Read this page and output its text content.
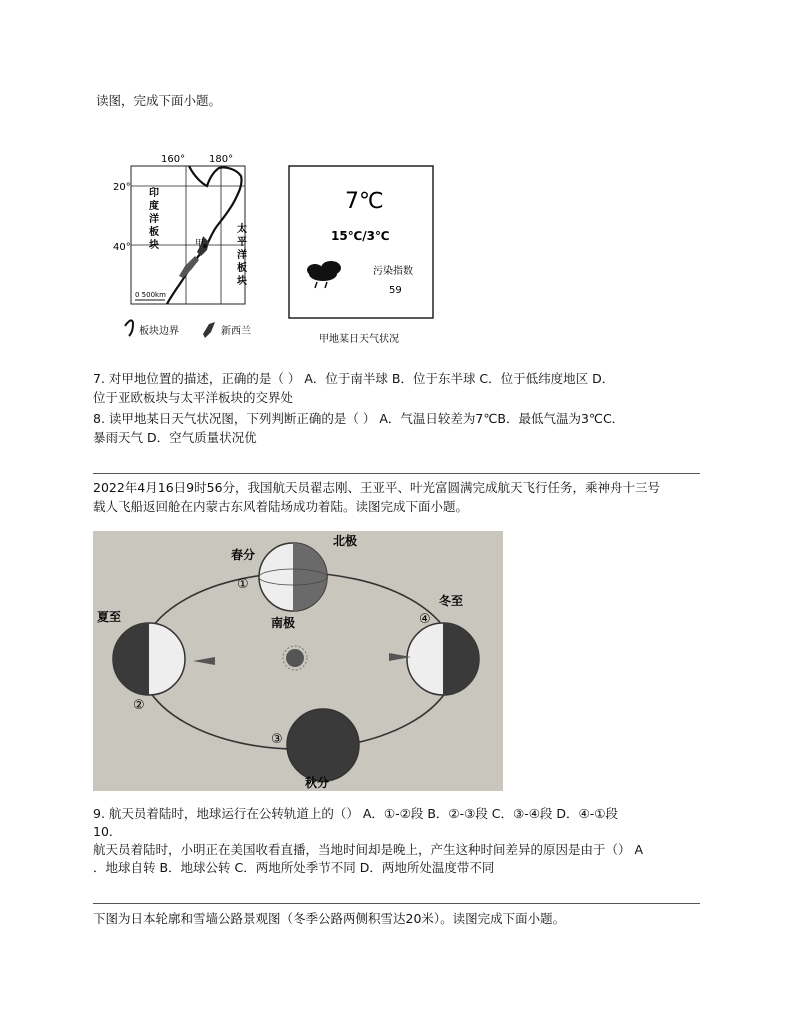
读图，完成下面小题。
160° 180°
20°
40°	甲
印
度
洋
板
块
太
平
洋
板
块
0 500km
板块边界	新西兰
7℃
15℃/3℃
污染指数
59
甲地某日天气状况
7. 对甲地位置的描述，正确的是（ ） A．位于南半球 B．位于东半球 C．位于低纬度地区 D．
位于亚欧板块与太平洋板块的交界处
8. 读甲地某日天气状况图，下列判断正确的是（ ） A．气温日较差为7℃B．最低气温为3℃C．
暴雨天气 D．空气质量状况优
2022年4月16日9时56分，我国航天员翟志刚、王亚平、叶光富圆满完成航天飞行任务，乘神舟十三号
载人飞船返回舱在内蒙古东风着陆场成功着陆。读图完成下面小题。
春分
北极
南极
①
夏至
②
冬至
④
秋分
③
9. 航天员着陆时，地球运行在公转轨道上的（） A．①-②段 B．②-③段 C．③-④段 D．④-①段
10.
航天员着陆时，小明正在美国收看直播，当地时间却是晚上，产生这种时间差异的原因是由于（） A
．地球自转 B．地球公转 C．两地所处季节不同 D．两地所处温度带不同
下图为日本轮廓和雪墙公路景观图（冬季公路两侧积雪达20米）。读图完成下面小题。
